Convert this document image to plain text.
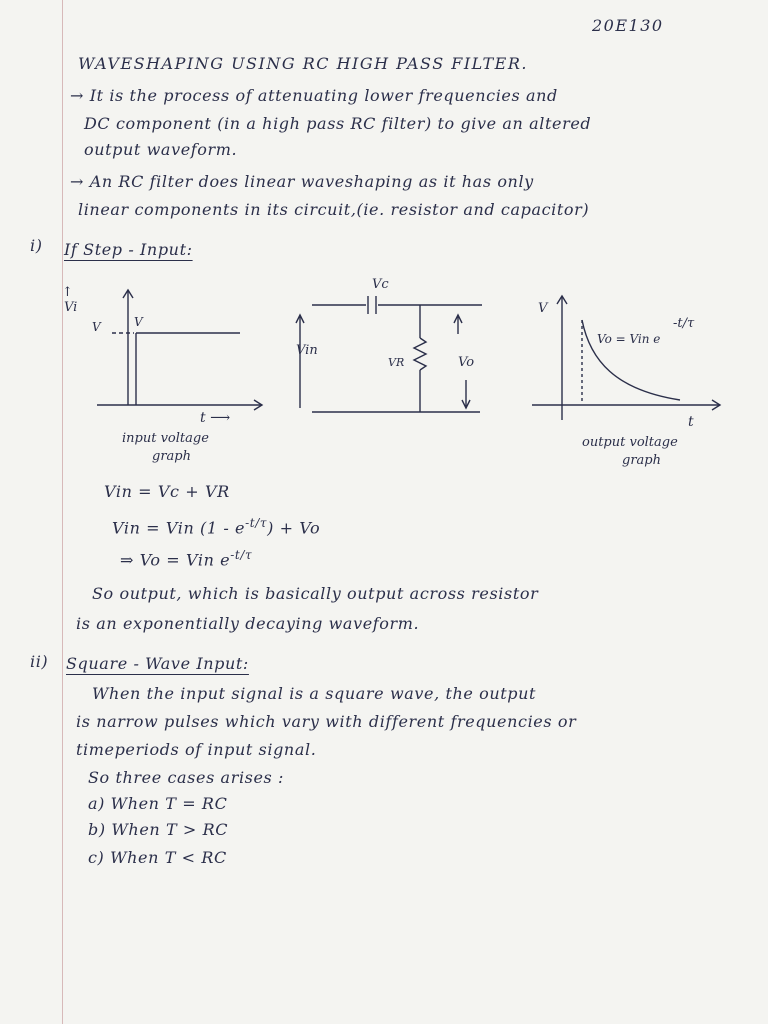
20E130
WAVESHAPING USING RC HIGH PASS FILTER.
→ It is the process of attenuating lower frequencies and
DC component (in a high pass RC filter) to give an altered
output waveform.
→ An RC filter does linear waveshaping as it has only
linear components in its circuit,(ie. resistor and capacitor)
i) If Step - Input:
↑
Vi
V	V
t ⟶
input voltage
graph
Vc
Vin
VR	Vo
V
Vo = Vin e
-t/τ
t
output voltage
graph
Vin = Vc + VR
Vin = Vin $(1 - e^{-t/\tau}) + Vo$
⇒ Vo = Vin $e^{-t/\tau}$
So output, which is basically output across resistor
is an exponentially decaying waveform.
ii) Square - Wave Input:
When the input signal is a square wave, the output
is narrow pulses which vary with different frequencies or
timeperiods of input signal.
So three cases arises :
a) When T = RC
b) When T > RC
c) When T < RC
